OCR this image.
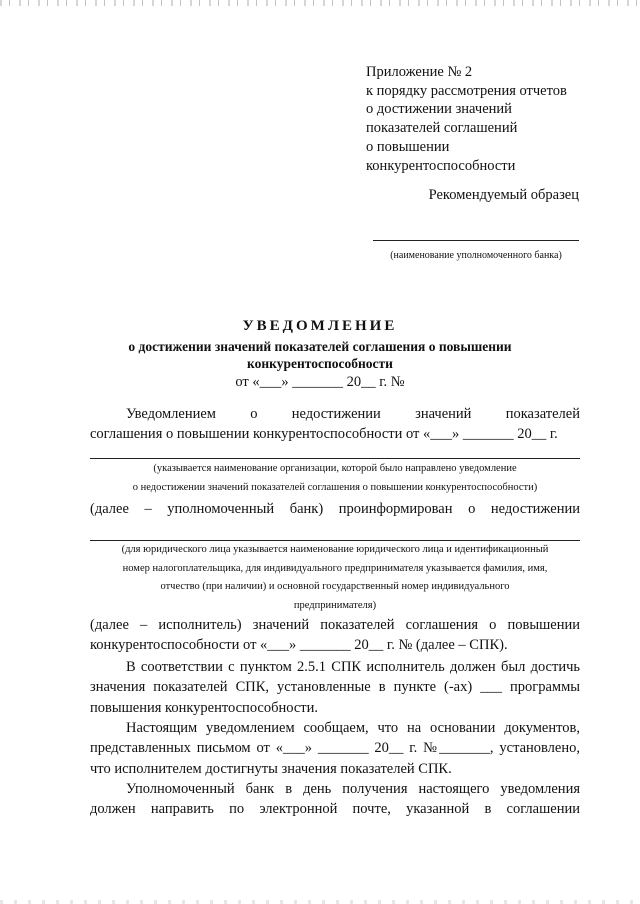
Приложение № 2
к порядку рассмотрения отчетов
о достижении значений
показателей соглашений
о повышении
конкурентоспособности
Рекомендуемый образец
(наименование уполномоченного банка)
УВЕДОМЛЕНИЕ
о достижении значений показателей соглашения о повышении
конкурентоспособности
от «___» _______ 20__ г. №
Уведомлением о недостижении значений показателей
соглашения о повышении конкурентоспособности от «___» _______ 20__ г.
(указывается наименование организации, которой было направлено уведомление
о недостижении значений показателей соглашения о повышении конкурентоспособности)
(далее – уполномоченный банк) проинформирован о недостижении
(для юридического лица указывается наименование юридического лица и идентификационный
номер налогоплательщика, для индивидуального предпринимателя указывается фамилия, имя,
отчество (при наличии) и основной государственный номер индивидуального
предпринимателя)
(далее – исполнитель) значений показателей соглашения о повышении
конкурентоспособности от «___» _______ 20__ г. № (далее – СПК).
В соответствии с пунктом 2.5.1 СПК исполнитель должен был достичь
значения показателей СПК, установленные в пункте (-ах) ___ программы
повышения конкурентоспособности.
Настоящим уведомлением сообщаем, что на основании документов,
представленных письмом от «___» _______ 20__ г. №_______, установлено,
что исполнителем достигнуты значения показателей СПК.
Уполномоченный банк в день получения настоящего уведомления
должен направить по электронной почте, указанной в соглашении
